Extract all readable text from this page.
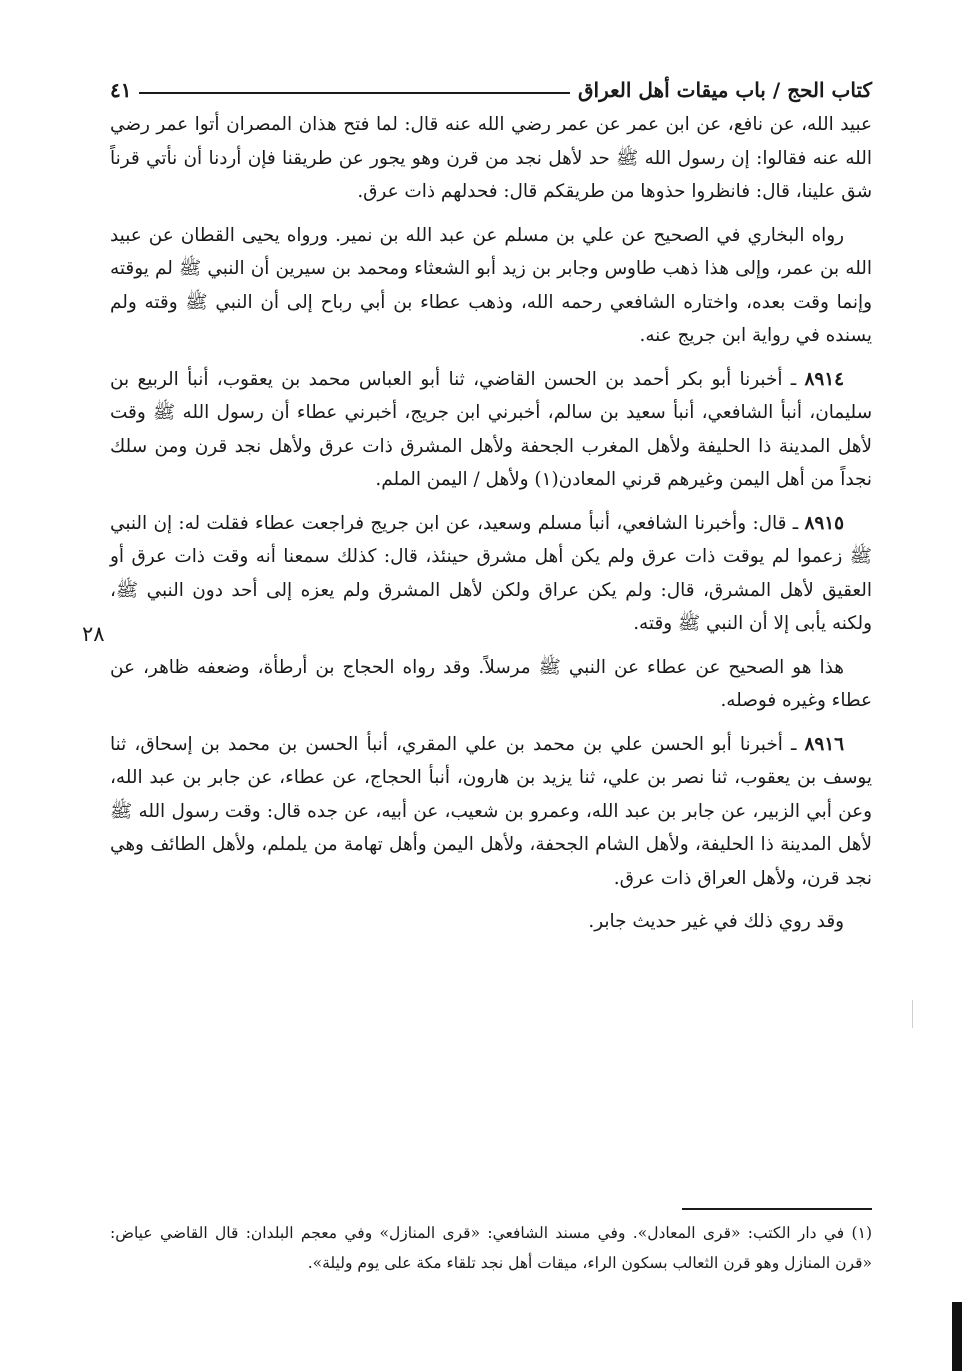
كتاب الحج / باب ميقات أهل العراق
٤١

عبيد الله، عن نافع، عن ابن عمر عن عمر رضي الله عنه قال: لما فتح هذان المصران أتوا عمر رضي الله عنه فقالوا: إن رسول الله ﷺ حد لأهل نجد من قرن وهو يجور عن طريقنا فإن أردنا أن نأتي قرناً شق علينا، قال: فانظروا حذوها من طريقكم قال: فحدلهم ذات عرق.

رواه البخاري في الصحيح عن علي بن مسلم عن عبد الله بن نمير. ورواه يحيى القطان عن عبيد الله بن عمر، وإلى هذا ذهب طاوس وجابر بن زيد أبو الشعثاء ومحمد بن سيرين أن النبي ﷺ لم يوقته وإنما وقت بعده، واختاره الشافعي رحمه الله، وذهب عطاء بن أبي رباح إلى أن النبي ﷺ وقته ولم يسنده في رواية ابن جريج عنه.

٨٩١٤ ـ أخبرنا أبو بكر أحمد بن الحسن القاضي، ثنا أبو العباس محمد بن يعقوب، أنبأ الربيع بن سليمان، أنبأ الشافعي، أنبأ سعيد بن سالم، أخبرني ابن جريج، أخبرني عطاء أن رسول الله ﷺ وقت لأهل المدينة ذا الحليفة ولأهل المغرب الجحفة ولأهل المشرق ذات عرق ولأهل نجد قرن ومن سلك نجداً من أهل اليمن وغيرهم قرني المعادن(١) ولأهل / اليمن الملم.

٨٩١٥ ـ قال: وأخبرنا الشافعي، أنبأ مسلم وسعيد، عن ابن جريج فراجعت عطاء فقلت له: إن النبي ﷺ زعموا لم يوقت ذات عرق ولم يكن أهل مشرق حينئذ، قال: كذلك سمعنا أنه وقت ذات عرق أو العقيق لأهل المشرق، قال: ولم يكن عراق ولكن لأهل المشرق ولم يعزه إلى أحد دون النبي ﷺ، ولكنه يأبى إلا أن النبي ﷺ وقته.

هذا هو الصحيح عن عطاء عن النبي ﷺ مرسلاً. وقد رواه الحجاج بن أرطأة، وضعفه ظاهر، عن عطاء وغيره فوصله.

٨٩١٦ ـ أخبرنا أبو الحسن علي بن محمد بن علي المقري، أنبأ الحسن بن محمد بن إسحاق، ثنا يوسف بن يعقوب، ثنا نصر بن علي، ثنا يزيد بن هارون، أنبأ الحجاج، عن عطاء، عن جابر بن عبد الله، وعن أبي الزبير، عن جابر بن عبد الله، وعمرو بن شعيب، عن أبيه، عن جده قال: وقت رسول الله ﷺ لأهل المدينة ذا الحليفة، ولأهل الشام الجحفة، ولأهل اليمن وأهل تهامة من يلملم، ولأهل الطائف وهي نجد قرن، ولأهل العراق ذات عرق.

وقد روي ذلك في غير حديث جابر.

٢٨
(١) في دار الكتب: «قرى المعادل». وفي مسند الشافعي: «قرى المنازل» وفي معجم البلدان: قال القاضي عياض: «قرن المنازل وهو قرن الثعالب بسكون الراء، ميقات أهل نجد تلقاء مكة على يوم وليلة».
